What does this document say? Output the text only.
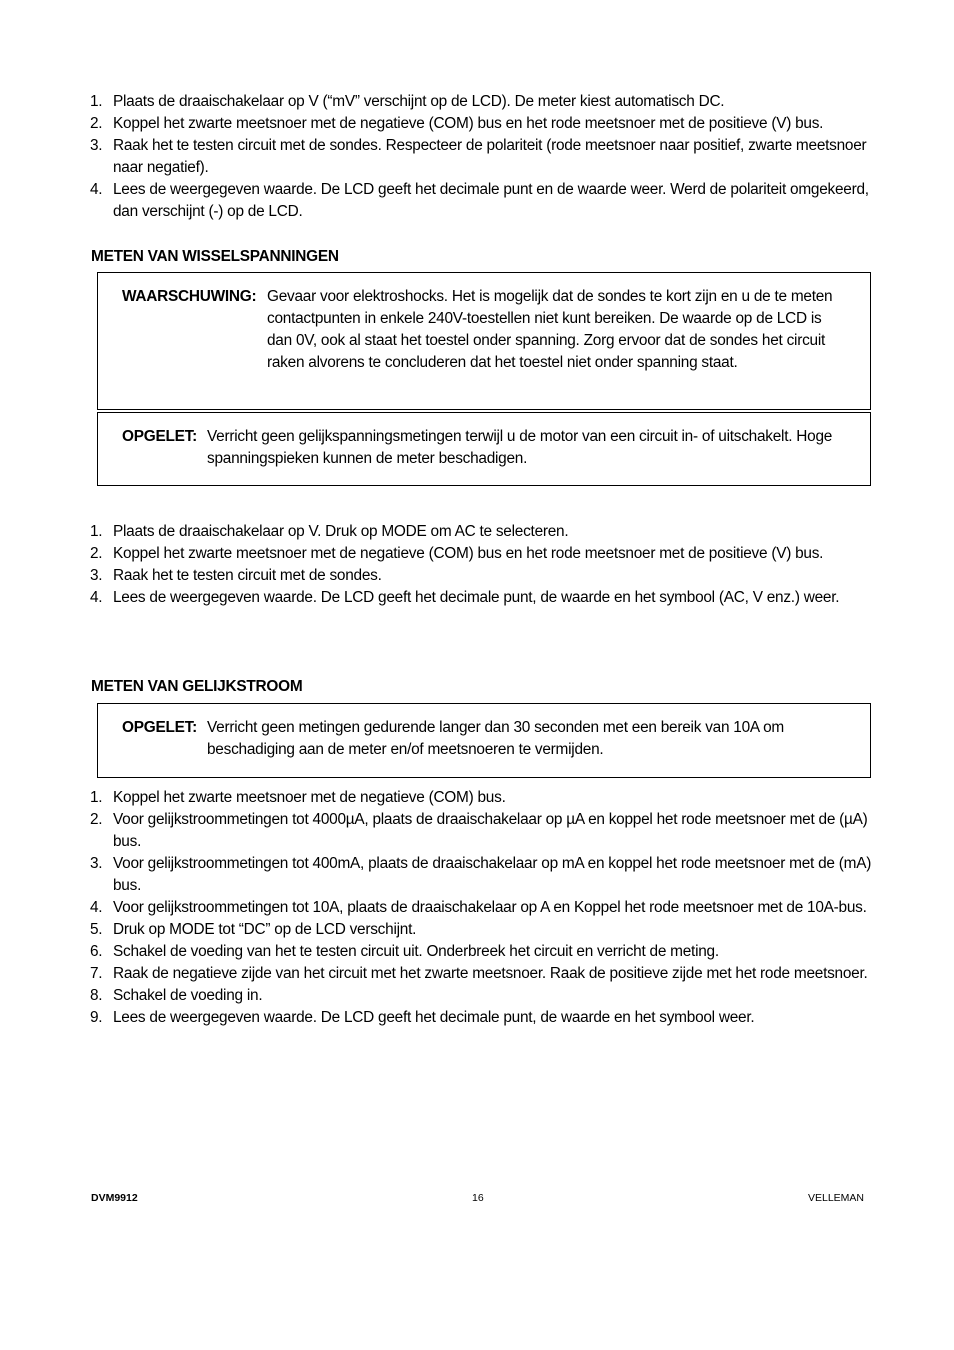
1. Plaats de draaischakelaar op V (“mV” verschijnt op de LCD). De meter kiest automatisch DC.
2. Koppel het zwarte meetsnoer met de negatieve (COM) bus en het rode meetsnoer met de positieve (V) bus.
3. Raak het te testen circuit met de sondes. Respecteer de polariteit (rode meetsnoer naar positief, zwarte meetsnoer naar negatief).
4. Lees de weergegeven waarde. De LCD geeft het decimale punt en de waarde weer. Werd de polariteit omgekeerd, dan verschijnt (-) op de LCD.
METEN VAN WISSELSPANNINGEN
WAARSCHUWING: Gevaar voor elektroshocks. Het is mogelijk dat de sondes te kort zijn en u de te meten contactpunten in enkele 240V-toestellen niet kunt bereiken. De waarde op de LCD is dan 0V, ook al staat het toestel onder spanning. Zorg ervoor dat de sondes het circuit raken alvorens te concluderen dat het toestel niet onder spanning staat.
OPGELET: Verricht geen gelijkspanningsmetingen terwijl u de motor van een circuit in- of uitschakelt. Hoge spanningspieken kunnen de meter beschadigen.
1. Plaats de draaischakelaar op V. Druk op MODE om AC te selecteren.
2. Koppel het zwarte meetsnoer met de negatieve (COM) bus en het rode meetsnoer met de positieve (V) bus.
3. Raak het te testen circuit met de sondes.
4. Lees de weergegeven waarde. De LCD geeft het decimale punt, de waarde en het symbool (AC, V enz.) weer.
METEN VAN GELIJKSTROOM
OPGELET: Verricht geen metingen gedurende langer dan 30 seconden met een bereik van 10A om beschadiging aan de meter en/of meetsnoeren te vermijden.
1. Koppel het zwarte meetsnoer met de negatieve (COM) bus.
2. Voor gelijkstroommetingen tot 4000µA, plaats de draaischakelaar op µA en koppel het rode meetsnoer met de (µA) bus.
3. Voor gelijkstroommetingen tot 400mA, plaats de draaischakelaar op mA en koppel het rode meetsnoer met de (mA) bus.
4. Voor gelijkstroommetingen tot 10A, plaats de draaischakelaar op A en Koppel het rode meetsnoer met de 10A-bus.
5. Druk op MODE tot “DC” op de LCD verschijnt.
6. Schakel de voeding van het te testen circuit uit. Onderbreek het circuit en verricht de meting.
7. Raak de negatieve zijde van het circuit met het zwarte meetsnoer. Raak de positieve zijde met het rode meetsnoer.
8. Schakel de voeding in.
9. Lees de weergegeven waarde. De LCD geeft het decimale punt, de waarde en het symbool weer.
DVM9912	16	VELLEMAN
